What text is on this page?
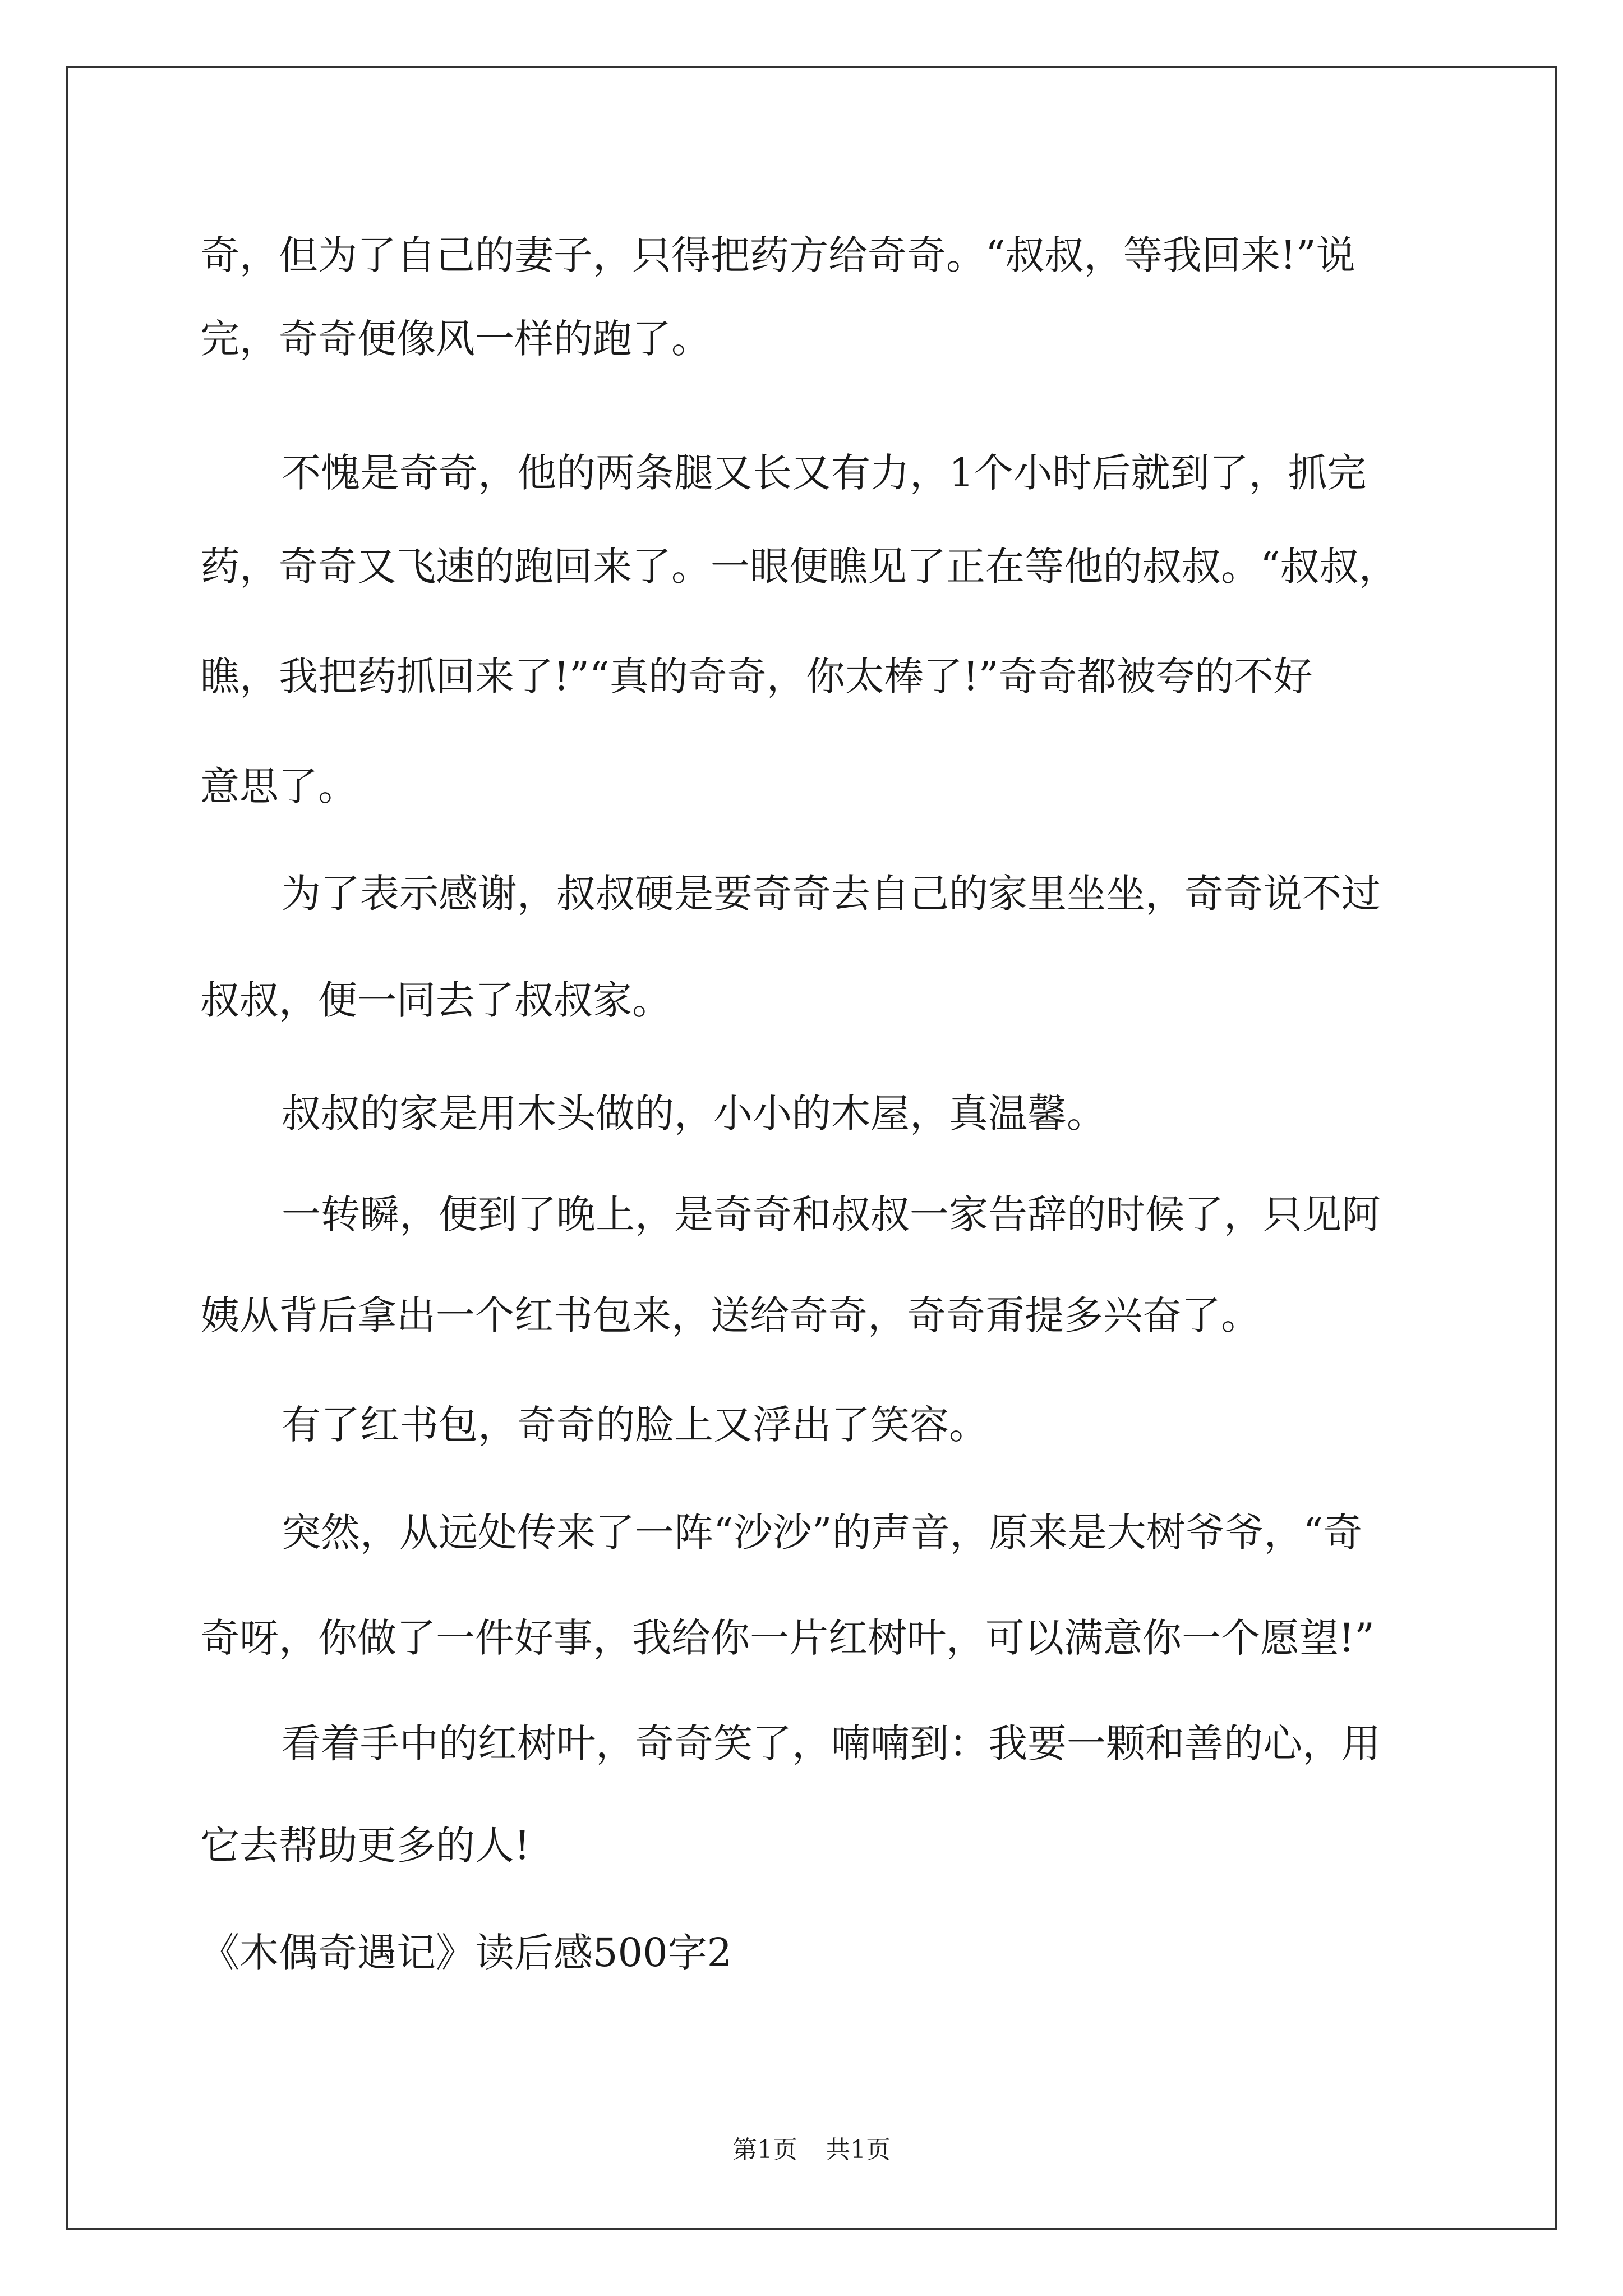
奇，但为了自己的妻子，只得把药方给奇奇。“叔叔，等我回来!”说
完，奇奇便像风一样的跑了。
不愧是奇奇，他的两条腿又长又有力，1个小时后就到了，抓完
药，奇奇又飞速的跑回来了。一眼便瞧见了正在等他的叔叔。“叔叔，
瞧，我把药抓回来了!”“真的奇奇，你太棒了!”奇奇都被夸的不好
意思了。
为了表示感谢，叔叔硬是要奇奇去自己的家里坐坐，奇奇说不过
叔叔，便一同去了叔叔家。
叔叔的家是用木头做的，小小的木屋，真温馨。
一转瞬，便到了晚上，是奇奇和叔叔一家告辞的时候了，只见阿
姨从背后拿出一个红书包来，送给奇奇，奇奇甭提多兴奋了。
有了红书包，奇奇的脸上又浮出了笑容。
突然，从远处传来了一阵“沙沙”的声音，原来是大树爷爷，“奇
奇呀，你做了一件好事，我给你一片红树叶，可以满意你一个愿望!”
看着手中的红树叶，奇奇笑了，喃喃到：我要一颗和善的心，用
它去帮助更多的人!
《木偶奇遇记》读后感500字2
第1页 共1页
